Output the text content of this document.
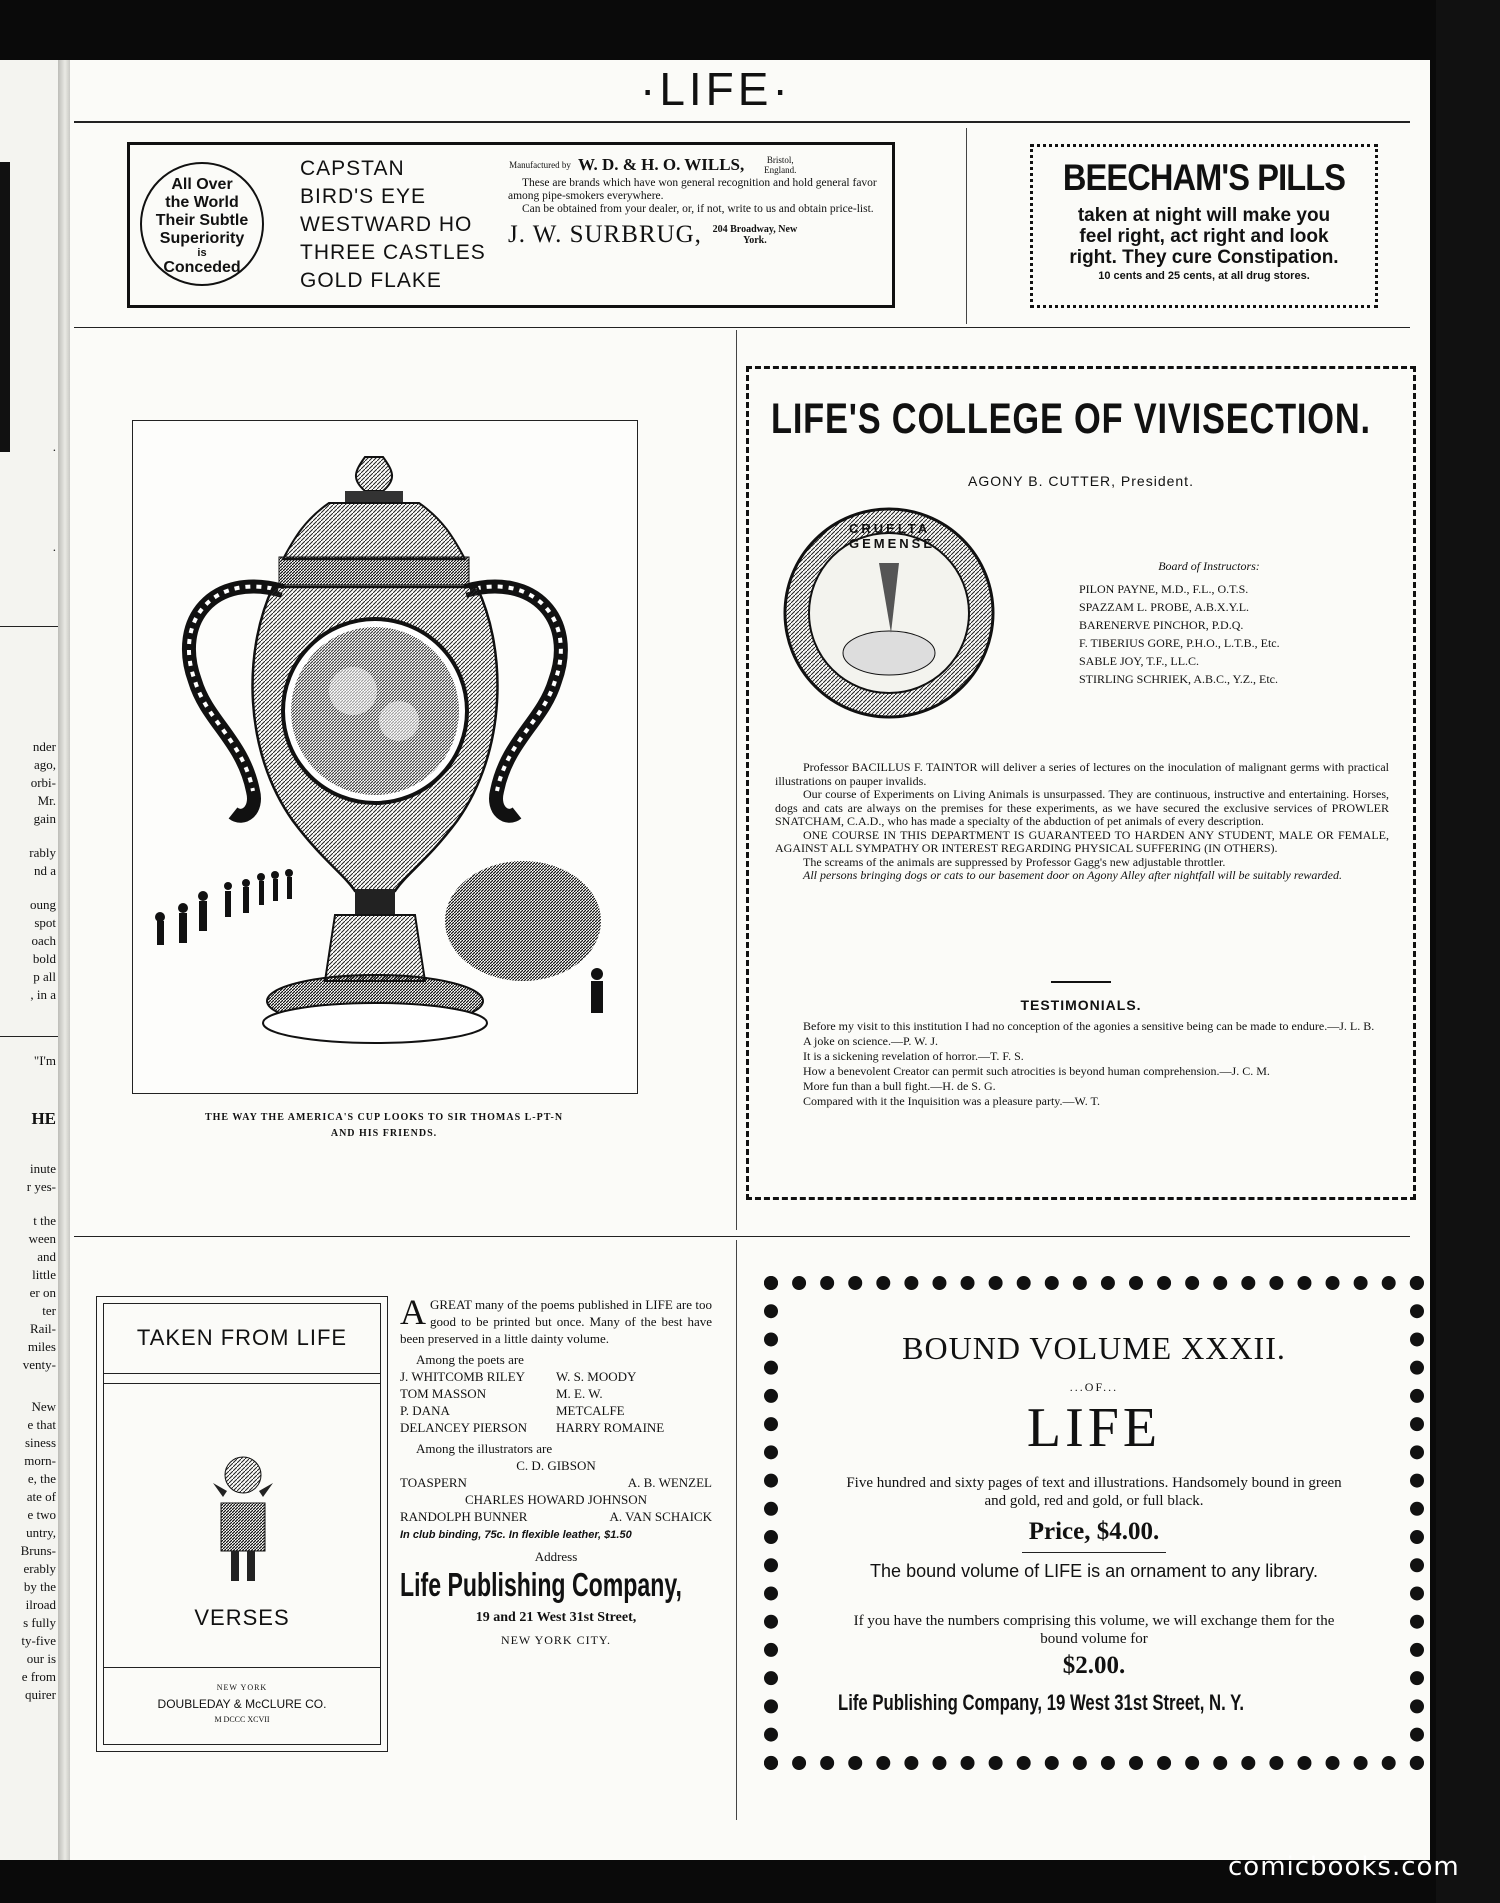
.
.
nder
ago,
orbi-
Mr.
gain
rably
nd a
oung
spot
oach
bold
p all
, in a
"I'm
HE
inute
r yes-
t the
ween
and
little
er on
ter
Rail-
miles
venty-
New
e that
siness
morn-
e, the
ate of
e two
untry,
Bruns-
erably
by the
ilroad
s fully
ty-five
our is
e from
quirer
·LIFE·
All Over
the World
Their Subtle
Superiority
is
Conceded
CAPSTAN
BIRD'S EYE
WESTWARD HO
THREE CASTLES
GOLD FLAKE
Manufactured by W. D. & H. O. WILLS,	Bristol, England.
These are brands which have won general recognition and hold general favor among pipe-smokers everywhere.
Can be obtained from your dealer, or, if not, write to us and obtain price-list.
J. W. SURBRUG, 204 Broadway, New York.
BEECHAM'S PILLS
taken at night will make you
feel right, act right and look
right. They cure Constipation.
10 cents and 25 cents, at all drug stores.
THE WAY THE AMERICA'S CUP LOOKS TO SIR THOMAS L-PT-N
AND HIS FRIENDS.
LIFE'S COLLEGE OF VIVISECTION.
AGONY B. CUTTER, President.
CRUELTA GEMENSE
Board of Instructors:
PILON PAYNE, M.D., F.L., O.T.S.
SPAZZAM L. PROBE, A.B.X.Y.L.
BARENERVE PINCHOR, P.D.Q.
F. TIBERIUS GORE, P.H.O., L.T.B., Etc.
SABLE JOY, T.F., LL.C.
STIRLING SCHRIEK, A.B.C., Y.Z., Etc.
Professor BACILLUS F. TAINTOR will deliver a series of lectures on the inoculation of malignant germs with practical illustrations on pauper invalids.
Our course of Experiments on Living Animals is unsurpassed. They are continuous, instructive and entertaining. Horses, dogs and cats are always on the premises for these experiments, as we have secured the exclusive services of PROWLER SNATCHAM, C.A.D., who has made a specialty of the abduction of pet animals of every description.
ONE COURSE IN THIS DEPARTMENT IS GUARANTEED TO HARDEN ANY STUDENT, MALE OR FEMALE, AGAINST ALL SYMPATHY OR INTEREST REGARDING PHYSICAL SUFFERING (IN OTHERS).
The screams of the animals are suppressed by Professor Gagg's new adjustable throttler.
All persons bringing dogs or cats to our basement door on Agony Alley after nightfall will be suitably rewarded.
TESTIMONIALS.
Before my visit to this institution I had no conception of the agonies a sensitive being can be made to endure.—J. L. B.
A joke on science.—P. W. J.
It is a sickening revelation of horror.—T. F. S.
How a benevolent Creator can permit such atrocities is beyond human comprehension.—J. C. M.
More fun than a bull fight.—H. de S. G.
Compared with it the Inquisition was a pleasure party.—W. T.
TAKEN FROM LIFE
VERSES
NEW YORK
DOUBLEDAY & McCLURE CO.
M DCCC XCVII
A GREAT many of the poems published in LIFE are too good to be printed but once. Many of the best have been preserved in a little dainty volume.
Among the poets are
J. WHITCOMB RILEY	W. S. MOODY
TOM MASSON	M. E. W.
P. DANA	METCALFE
DELANCEY PIERSON	HARRY ROMAINE
Among the illustrators are
C. D. GIBSON
TOASPERN	A. B. WENZEL
CHARLES HOWARD JOHNSON
RANDOLPH BUNNER	A. VAN SCHAICK
In club binding, 75c. In flexible leather, $1.50
Address
Life Publishing Company,
19 and 21 West 31st Street,
NEW YORK CITY.
BOUND VOLUME XXXII.
...OF...
LIFE
Five hundred and sixty pages of text and illustrations. Handsomely bound in green and gold, red and gold, or full black.
Price, $4.00.
The bound volume of LIFE is an ornament to any library.
If you have the numbers comprising this volume, we will exchange them for the bound volume for
$2.00.
Life Publishing Company, 19 West 31st Street, N. Y.
comicbooks.com
